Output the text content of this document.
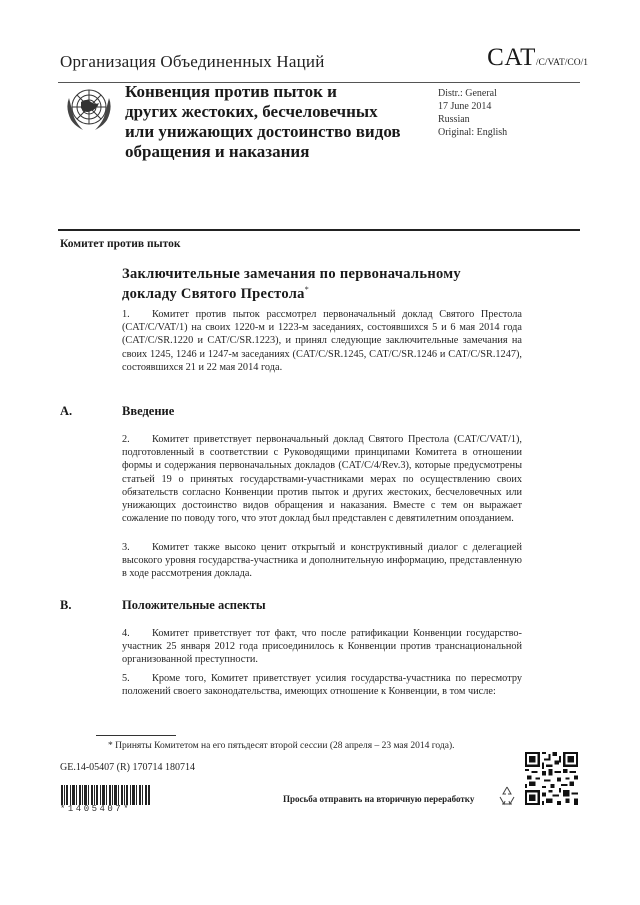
Организация Объединенных Наций	CAT/C/VAT/CO/1
Конвенция против пыток и
других жестоких, бесчеловечных
или унижающих достоинство видов
обращения и наказания
Distr.: General
17 June 2014
Russian
Original: English
Комитет против пыток
Заключительные замечания по первоначальному
докладу Святого Престола*
1. Комитет против пыток рассмотрел первоначальный доклад Святого Престола (CAT/C/VAT/1) на своих 1220-м и 1223-м заседаниях, состоявшихся 5 и 6 мая 2014 года (CAT/C/SR.1220 и CAT/C/SR.1223), и принял следующие заключительные замечания на своих 1245, 1246 и 1247-м заседаниях (CAT/C/SR.1245, CAT/C/SR.1246 и CAT/C/SR.1247), состоявшихся 21 и 22 мая 2014 года.
A.	Введение
2. Комитет приветствует первоначальный доклад Святого Престола (CAT/C/VAT/1), подготовленный в соответствии с Руководящими принципами Комитета в отношении формы и содержания первоначальных докладов (CAT/C/4/Rev.3), которые предусмотрены статьей 19 о принятых государствами-участниками мерах по осуществлению своих обязательств согласно Конвенции против пыток и других жестоких, бесчеловечных или унижающих достоинство видов обращения и наказания. Вместе с тем он выражает сожаление по поводу того, что этот доклад был представлен с девятилетним опозданием.
3. Комитет также высоко ценит открытый и конструктивный диалог с делегацией высокого уровня государства-участника и дополнительную информацию, представленную в ходе рассмотрения доклада.
B.	Положительные аспекты
4. Комитет приветствует тот факт, что после ратификации Конвенции государство-участник 25 января 2012 года присоединилось к Конвенции против транснациональной организованной преступности.
5. Кроме того, Комитет приветствует усилия государства-участника по пересмотру положений своего законодательства, имеющих отношение к Конвенции, в том числе:
* Приняты Комитетом на его пятьдесят второй сессии (28 апреля – 23 мая 2014 года).
GE.14-05407 (R) 170714 180714
*1405407*
Просьба отправить на вторичную переработку
